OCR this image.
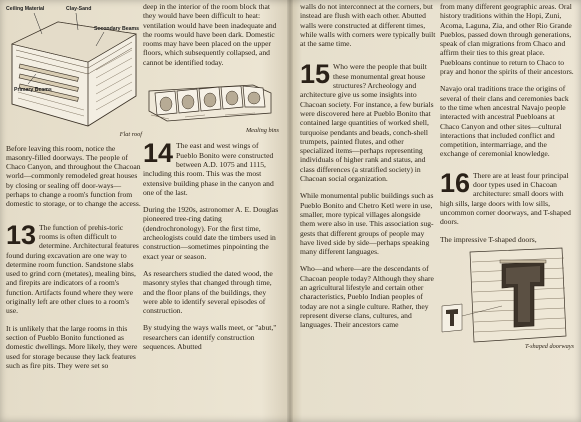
Ceiling Material	Clay-Sand
Secondary Beams
Primary Beams

Flat roof

Before leaving this room, notice the masonry-filled doorways. The people of Chaco Canyon, and throughout the Chacoan world—commonly remodeled great houses by closing or sealing off door-ways—perhaps to change a room's function from domestic to storage, or to change the access.

13 The function of prehis-toric rooms is often difficult to determine. Architectural features found during excavation are one way to determine room function. Sandstone slabs used to grind corn (metates), mealing bins, and firepits are indicators of a room's function. Artifacts found where they were originally left are other clues to a room's use.

It is unlikely that the large rooms in this section of Pueblo Bonito functioned as domestic dwellings. More likely, they were used for storage because they lack features such as fire pits. They were set so

deep in the interior of the room block that they would have been difficult to heat: ventilation would have been inadequate and the rooms would have been dark. Domestic rooms may have been placed on the upper floors, which subsequently collapsed, and cannot be identified today.

Mealing bins

14 The east and west wings of Pueblo Bonito were constructed between A.D. 1075 and 1115, including this room. This was the most extensive building phase in the canyon and one of the last.

During the 1920s, astronomer A. E. Douglas pioneered tree-ring dating (dendrochronology). For the first time, archeologists could date the timbers used in construction—sometimes pinpointing the exact year or season.

As researchers studied the dated wood, the masonry styles that changed through time, and the floor plans of the buildings, they were able to identify several episodes of construction.

By studying the ways walls meet, or "abut," researchers can identify construction sequences. Abutted

walls do not interconnect at the corners, but instead are flush with each other. Abutted walls were constructed at different times, while walls with corners were typically built at the same time.

15 Who were the people that built these monumental great house structures? Archeology and architecture give us some insights into Chacoan society. For instance, a few burials were discovered here at Pueblo Bonito that contained large quantities of worked shell, turquoise pendants and beads, conch-shell trumpets, painted flutes, and other specialized items—perhaps representing individuals of higher rank and status, and class differences (a stratified society) in Chacoan social organization.

While monumental public buildings such as Pueblo Bonito and Chetro Ketl were in use, smaller, more typical villages alongside them were also in use. This association sug-gests that different groups of people may have lived side by side—perhaps speaking many different languages.

Who—and where—are the descendants of Chacoan people today? Although they share an agricultural lifestyle and certain other characteristics, Pueblo Indian peoples of today are not a single culture. Rather, they represent diverse clans, cultures, and languages. Their ancestors came

from many different geographic areas. Oral history traditions within the Hopi, Zuni, Acoma, Laguna, Zia, and other Rio Grande Pueblos, passed down through generations, speak of clan migrations from Chaco and affirm their ties to this great place. Puebloans continue to return to Chaco to pray and honor the spirits of their ancestors.

Navajo oral traditions trace the origins of several of their clans and ceremonies back to the time when ancestral Navajo people interacted with ancestral Puebloans at Chaco Canyon and other sites—cultural interactions that included conflict and competition, intermarriage, and the exchange of ceremonial knowledge.

16 There are at least four principal door types used in Chacoan architecture: small doors with high sills, large doors with low sills, uncommon corner doorways, and T-shaped doors.

The impressive T-shaped doors,

T-shaped doorways
